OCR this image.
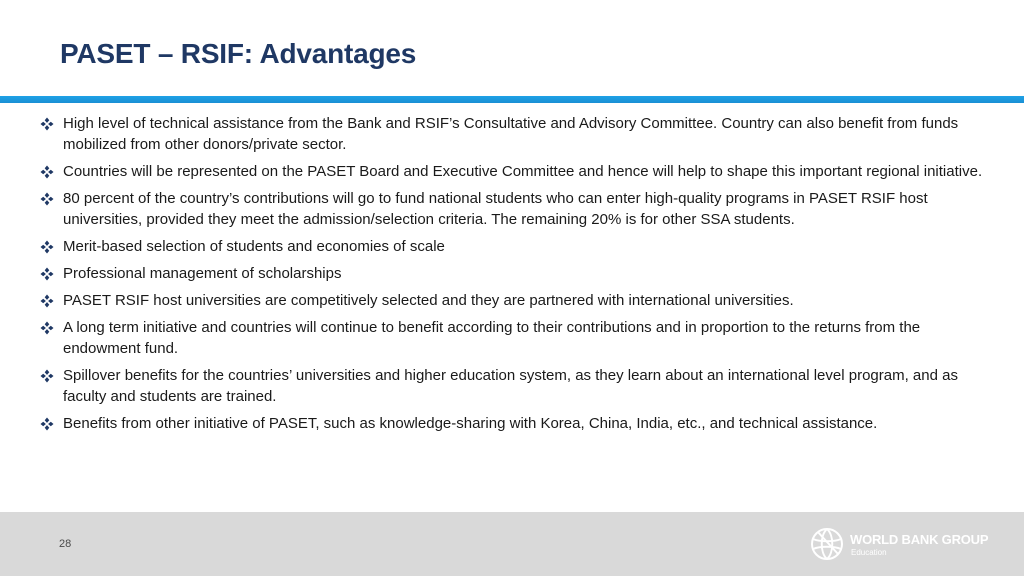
PASET – RSIF: Advantages
High level of technical assistance from the Bank and RSIF’s Consultative and Advisory Committee. Country can also benefit from funds mobilized from other donors/private sector.
Countries will be represented on the PASET Board and Executive Committee and hence will help to shape this important regional initiative.
80 percent of the country’s contributions will go to fund national students who can enter high-quality programs in PASET RSIF host universities, provided they meet the admission/selection criteria. The remaining 20% is for other SSA students.
Merit-based selection of students and economies of scale
Professional management of scholarships
PASET RSIF host universities are competitively selected and they are partnered with international universities.
A long term initiative and countries will continue to benefit according to their contributions and in proportion to the returns from the endowment fund.
Spillover benefits for the countries’ universities and higher education system, as they learn about an international level program, and as faculty and students are trained.
Benefits from other initiative of PASET, such as knowledge-sharing with Korea, China, India, etc., and technical assistance.
28	WORLD BANK GROUP
Education
